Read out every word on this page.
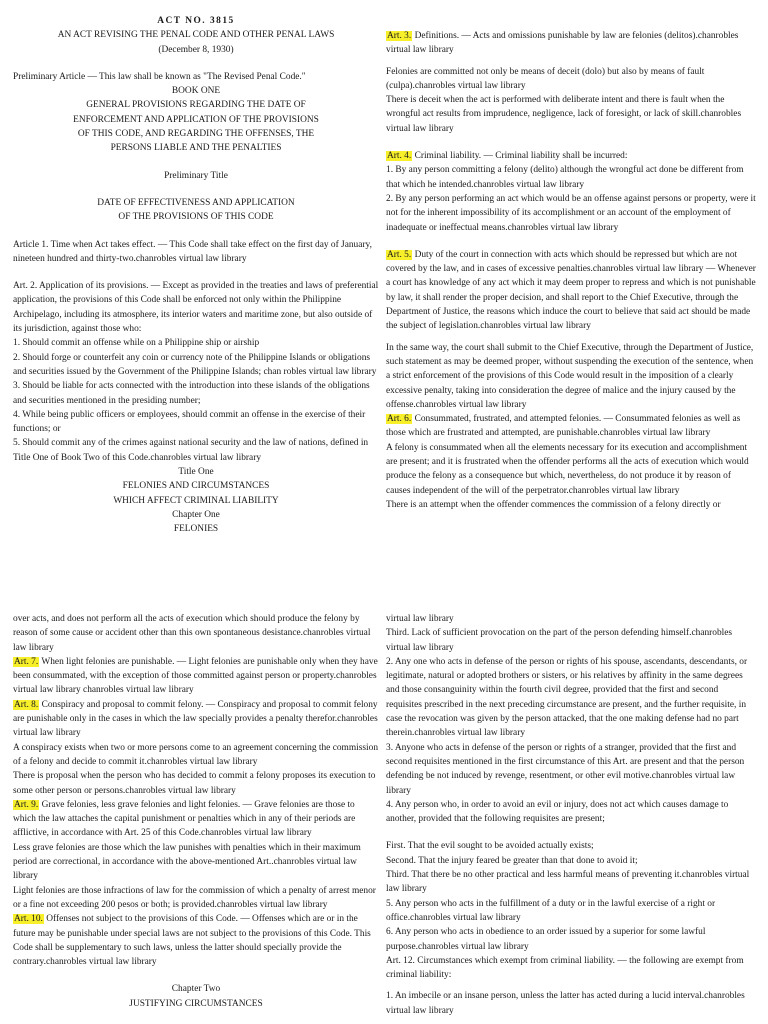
ACT NO. 3815
AN ACT REVISING THE PENAL CODE AND OTHER PENAL LAWS
(December 8, 1930)
Preliminary Article — This law shall be known as "The Revised Penal Code."
BOOK ONE
GENERAL PROVISIONS REGARDING THE DATE OF
ENFORCEMENT AND APPLICATION OF THE PROVISIONS
OF THIS CODE, AND REGARDING THE OFFENSES, THE
PERSONS LIABLE AND THE PENALTIES
Preliminary Title
DATE OF EFFECTIVENESS AND APPLICATION
OF THE PROVISIONS OF THIS CODE
Article 1. Time when Act takes effect. — This Code shall take effect on the first day of January, nineteen hundred and thirty-two.chanrobles virtual law library
Art. 2. Application of its provisions. — Except as provided in the treaties and laws of preferential application, the provisions of this Code shall be enforced not only within the Philippine Archipelago, including its atmosphere, its interior waters and maritime zone, but also outside of its jurisdiction, against those who:
1. Should commit an offense while on a Philippine ship or airship
2. Should forge or counterfeit any coin or currency note of the Philippine Islands or obligations and securities issued by the Government of the Philippine Islands; chan robles virtual law library
3. Should be liable for acts connected with the introduction into these islands of the obligations and securities mentioned in the presiding number;
4. While being public officers or employees, should commit an offense in the exercise of their functions; or
5. Should commit any of the crimes against national security and the law of nations, defined in Title One of Book Two of this Code.chanrobles virtual law library
Title One
FELONIES AND CIRCUMSTANCES
WHICH AFFECT CRIMINAL LIABILITY
Chapter One
FELONIES
Art. 3. Definitions. — Acts and omissions punishable by law are felonies (delitos).chanrobles virtual law library
Felonies are committed not only be means of deceit (dolo) but also by means of fault (culpa).chanrobles virtual law library
There is deceit when the act is performed with deliberate intent and there is fault when the wrongful act results from imprudence, negligence, lack of foresight, or lack of skill.chanrobles virtual law library
Art. 4. Criminal liability. — Criminal liability shall be incurred:
1. By any person committing a felony (delito) although the wrongful act done be different from that which he intended.chanrobles virtual law library
2. By any person performing an act which would be an offense against persons or property, were it not for the inherent impossibility of its accomplishment or an account of the employment of inadequate or ineffectual means.chanrobles virtual law library
Art. 5. Duty of the court in connection with acts which should be repressed but which are not covered by the law, and in cases of excessive penalties.chanrobles virtual law library — Whenever a court has knowledge of any act which it may deem proper to repress and which is not punishable by law, it shall render the proper decision, and shall report to the Chief Executive, through the Department of Justice, the reasons which induce the court to believe that said act should be made the subject of legislation.chanrobles virtual law library
In the same way, the court shall submit to the Chief Executive, through the Department of Justice, such statement as may be deemed proper, without suspending the execution of the sentence, when a strict enforcement of the provisions of this Code would result in the imposition of a clearly excessive penalty, taking into consideration the degree of malice and the injury caused by the offense.chanrobles virtual law library
Art. 6. Consummated, frustrated, and attempted felonies. — Consummated felonies as well as those which are frustrated and attempted, are punishable.chanrobles virtual law library
A felony is consummated when all the elements necessary for its execution and accomplishment are present; and it is frustrated when the offender performs all the acts of execution which would produce the felony as a consequence but which, nevertheless, do not produce it by reason of causes independent of the will of the perpetrator.chanrobles virtual law library
There is an attempt when the offender commences the commission of a felony directly or
over acts, and does not perform all the acts of execution which should produce the felony by reason of some cause or accident other than this own spontaneous desistance.chanrobles virtual law library
Art. 7. When light felonies are punishable. — Light felonies are punishable only when they have been consummated, with the exception of those committed against person or property.chanrobles virtual law library chanrobles virtual law library
Art. 8. Conspiracy and proposal to commit felony. — Conspiracy and proposal to commit felony are punishable only in the cases in which the law specially provides a penalty therefor.chanrobles virtual law library
A conspiracy exists when two or more persons come to an agreement concerning the commission of a felony and decide to commit it.chanrobles virtual law library
There is proposal when the person who has decided to commit a felony proposes its execution to some other person or persons.chanrobles virtual law library
Art. 9. Grave felonies, less grave felonies and light felonies. — Grave felonies are those to which the law attaches the capital punishment or penalties which in any of their periods are afflictive, in accordance with Art. 25 of this Code.chanrobles virtual law library
Less grave felonies are those which the law punishes with penalties which in their maximum period are correctional, in accordance with the above-mentioned Art..chanrobles virtual law library
Light felonies are those infractions of law for the commission of which a penalty of arrest menor or a fine not exceeding 200 pesos or both; is provided.chanrobles virtual law library
Art. 10. Offenses not subject to the provisions of this Code. — Offenses which are or in the future may be punishable under special laws are not subject to the provisions of this Code. This Code shall be supplementary to such laws, unless the latter should specially provide the contrary.chanrobles virtual law library
Chapter Two
JUSTIFYING CIRCUMSTANCES
virtual law library
Third. Lack of sufficient provocation on the part of the person defending himself.chanrobles virtual law library
2. Any one who acts in defense of the person or rights of his spouse, ascendants, descendants, or legitimate, natural or adopted brothers or sisters, or his relatives by affinity in the same degrees and those consanguinity within the fourth civil degree, provided that the first and second requisites prescribed in the next preceding circumstance are present, and the further requisite, in case the revocation was given by the person attacked, that the one making defense had no part therein.chanrobles virtual law library
3. Anyone who acts in defense of the person or rights of a stranger, provided that the first and second requisites mentioned in the first circumstance of this Art. are present and that the person defending be not induced by revenge, resentment, or other evil motive.chanrobles virtual law library
4. Any person who, in order to avoid an evil or injury, does not act which causes damage to another, provided that the following requisites are present;
First. That the evil sought to be avoided actually exists;
Second. That the injury feared be greater than that done to avoid it;
Third. That there be no other practical and less harmful means of preventing it.chanrobles virtual law library
5. Any person who acts in the fulfillment of a duty or in the lawful exercise of a right or office.chanrobles virtual law library
6. Any person who acts in obedience to an order issued by a superior for some lawful purpose.chanrobles virtual law library
Art. 12. Circumstances which exempt from criminal liability. — the following are exempt from criminal liability:
1. An imbecile or an insane person, unless the latter has acted during a lucid interval.chanrobles virtual law library
